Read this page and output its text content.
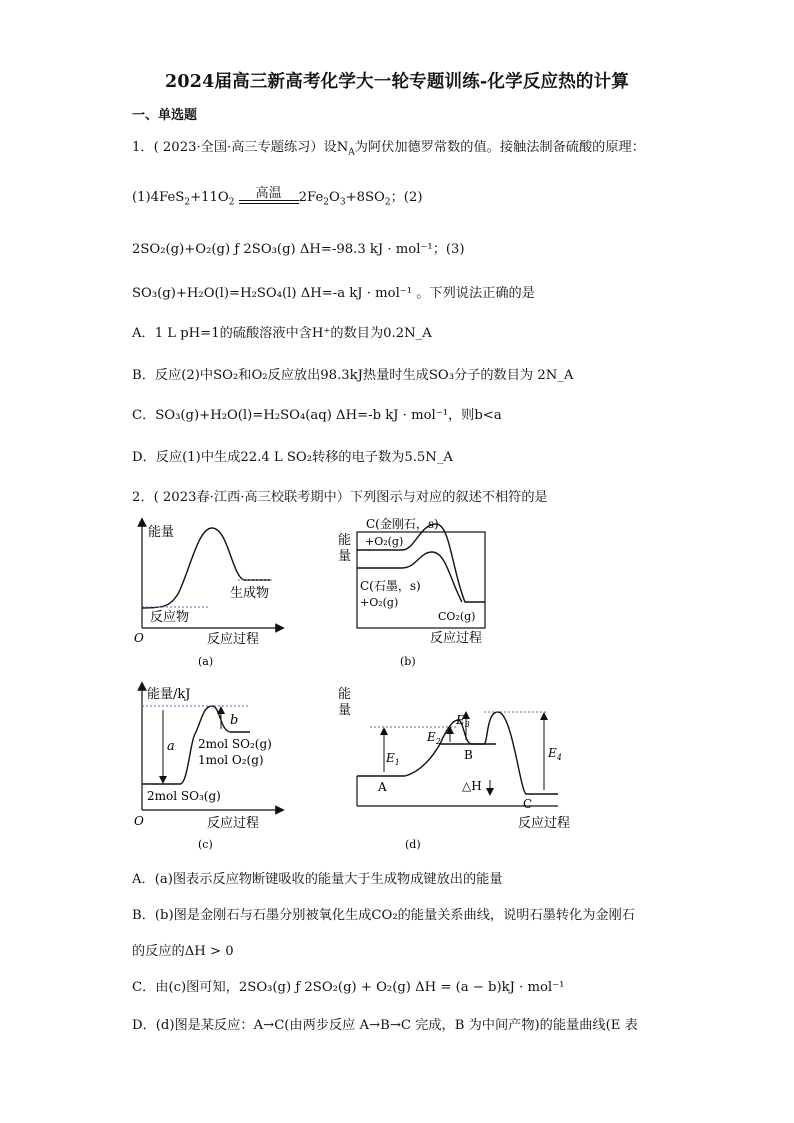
2024届高三新高考化学大一轮专题训练-化学反应热的计算
一、单选题
1．( 2023·全国·高三专题练习）设$N_A$为阿伏加德罗常数的值。接触法制备硫酸的原理：
$(1)4FeS_2+11O_2$
高温	$2Fe_2O_3+8SO_2$；(2)
2SO₂(g)+O₂(g) ƒ 2SO₃(g) ΔH=-98.3 kJ · mol⁻¹；(3)
SO₃(g)+H₂O(l)=H₂SO₄(l) ΔH=-a kJ · mol⁻¹ 。下列说法正确的是
A．1 L pH=1的硫酸溶液中含H⁺的数目为0.2N_A
B．反应(2)中SO₂和O₂反应放出98.3kJ热量时生成SO₃分子的数目为 2N_A
C．SO₃(g)+H₂O(l)=H₂SO₄(aq) ΔH=-b kJ · mol⁻¹，则b<a
D．反应(1)中生成22.4 L SO₂转移的电子数为5.5N_A
2．( 2023春·江西·高三校联考期中）下列图示与对应的叙述不相符的是
能量
O
反应物
生成物
反应过程
(a)
能
量
C(金刚石，s)
+O₂(g)
C(石墨，s)
+O₂(g)
CO₂(g)
反应过程
(b)
能量/kJ
O
a
b
2mol SO₂(g)
1mol O₂(g)
2mol SO₃(g)
反应过程
(c)
能
量
$E_1$
$E_2$
$E_3$
$E_4$
△H
A
B
C
反应过程
(d)
A．(a)图表示反应物断键吸收的能量大于生成物成键放出的能量
B．(b)图是金刚石与石墨分别被氧化生成CO₂的能量关系曲线，说明石墨转化为金刚石
的反应的ΔH > 0
C．由(c)图可知，2SO₃(g) ƒ 2SO₂(g) + O₂(g) ΔH = (a − b)kJ · mol⁻¹
D．(d)图是某反应：A→C(由两步反应 A→B→C 完成，B 为中间产物)的能量曲线(E 表
